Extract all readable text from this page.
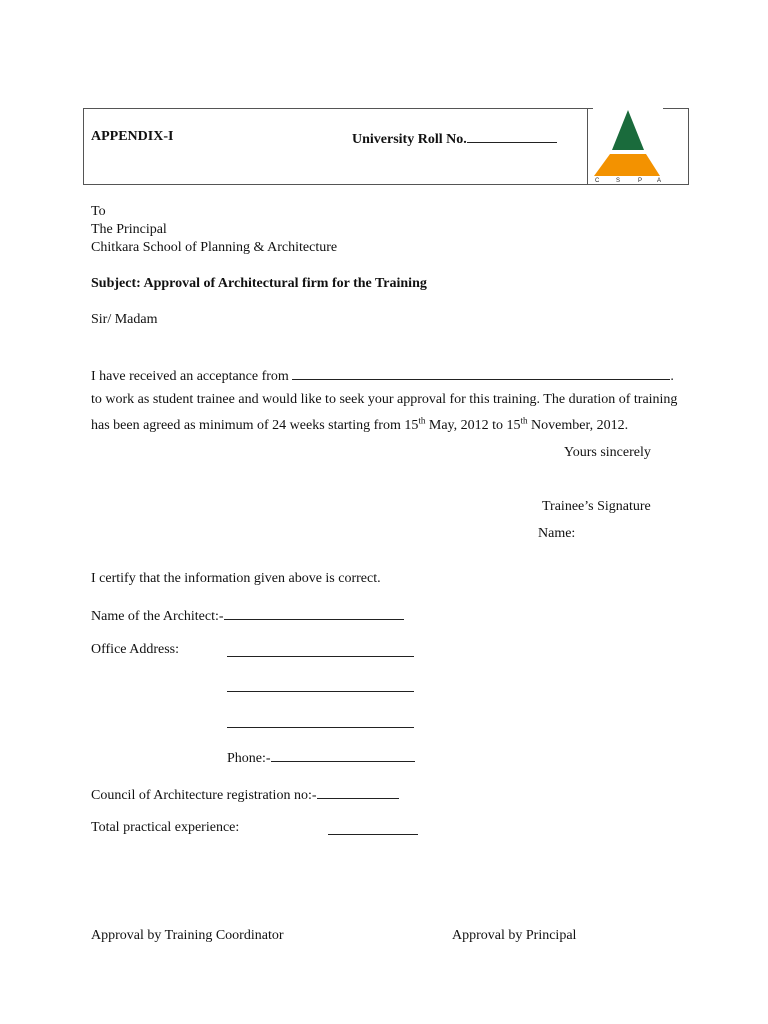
APPENDIX-I	University Roll No.
C	S	P A
To
The Principal
Chitkara School of Planning & Architecture
Subject: Approval of Architectural firm for the Training
Sir/ Madam
I have received an acceptance from	.
to work as student trainee and would like to seek your approval for this training. The duration of training
has been agreed as minimum of 24 weeks starting from 15th May, 2012 to 15th November, 2012.
Yours sincerely
Trainee’s Signature
Name:
I certify that the information given above is correct.
Name of the Architect:-
Office Address:
Phone:-
Council of Architecture registration no:-
Total practical experience:
Approval by Training Coordinator	Approval by Principal
